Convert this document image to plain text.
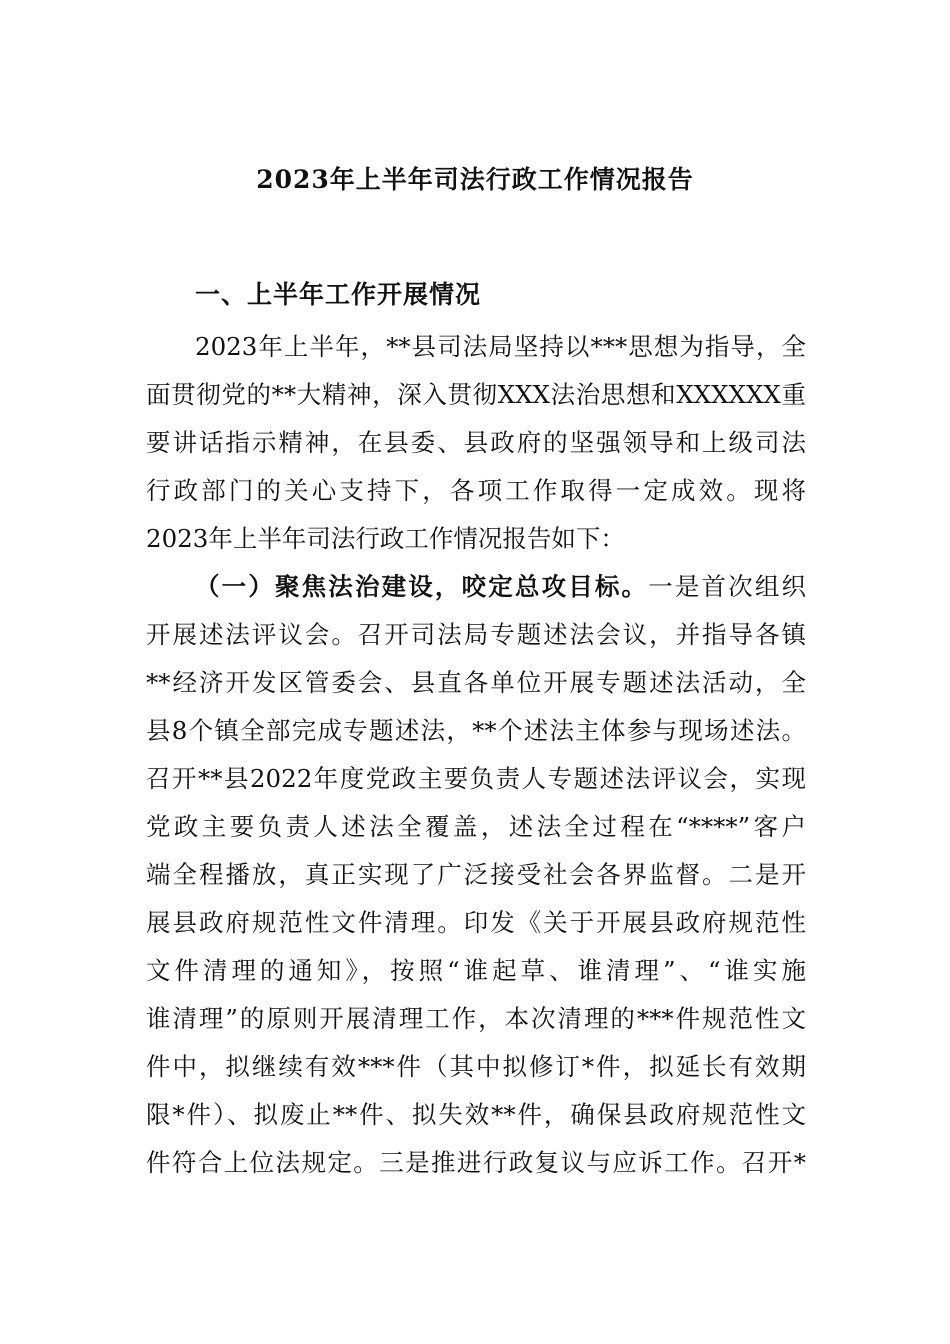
2023年上半年司法行政工作情况报告
一、上半年工作开展情况
2023年上半年，**县司法局坚持以***思想为指导，全
面贯彻党的**大精神，深入贯彻XXX法治思想和XXXXXX重
要讲话指示精神，在县委、县政府的坚强领导和上级司法
行政部门的关心支持下，各项工作取得一定成效。现将
2023年上半年司法行政工作情况报告如下：
（一）聚焦法治建设，咬定总攻目标。一是首次组织
开展述法评议会。召开司法局专题述法会议，并指导各镇
**经济开发区管委会、县直各单位开展专题述法活动，全
县8个镇全部完成专题述法，**个述法主体参与现场述法。
召开**县2022年度党政主要负责人专题述法评议会，实现
党政主要负责人述法全覆盖，述法全过程在“****”客户
端全程播放，真正实现了广泛接受社会各界监督。二是开
展县政府规范性文件清理。印发《关于开展县政府规范性
文件清理的通知》，按照“谁起草、谁清理”、“谁实施
谁清理”的原则开展清理工作，本次清理的***件规范性文
件中，拟继续有效***件（其中拟修订*件，拟延长有效期
限*件）、拟废止**件、拟失效**件，确保县政府规范性文
件符合上位法规定。三是推进行政复议与应诉工作。召开*
